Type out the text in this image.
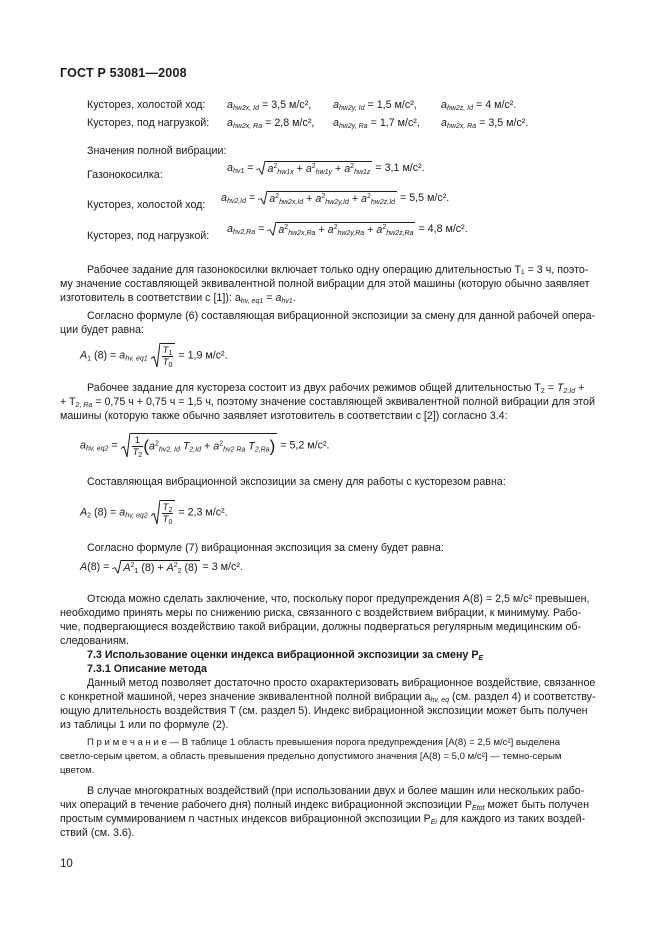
ГОСТ Р 53081—2008
Кусторез, холостой ход: $a_{hw2x, Id} = 3,5$ м/с², $a_{hw2y, Id} = 1,5$ м/с², $a_{hw2z, Id} = 4$ м/с².
Кусторез, под нагрузкой: $a_{hw2x, Ra} = 2,8$ м/с², $a_{hw2y, Ra} = 1,7$ м/с², $a_{hw2x, Ra} = 3,5$ м/с².
Значения полной вибрации:
Газонокосилка:
$a_{hv1}$ =
$a^2_{hw1x} + a^2_{hw1y} + a^2_{hw1z} = 3,1$ м/с².
Кусторез, холостой ход:
$a_{hv2,Id}$ =
$a^2_{hw2x,Id} + a^2_{hw2y,Id} + a^2_{hw2z,Id} = 5,5$ м/с².
Кусторез, под нагрузкой:
$a_{hv2,Ra}$ =
$a^2_{hw2x,Ra} + a^2_{hw2y,Ra} + a^2_{hw2z,Ra} = 4,8$ м/с².
Рабочее задание для газонокосилки включает только одну операцию длительностью T₁ = 3 ч, поэто-
му значение составляющей эквивалентной полной вибрации для этой машины (которую обычно заявляет
изготовитель в соответствии с [1]): $a_{hv, eq1} = a_{hv1}$.
Согласно формуле (6) составляющая вибрационной экспозиции за смену для данной рабочей опера-
ции будет равна:
$A_1$ $(8) = a_{hv, eq1} \frac{T_1}{T_0} = 1,9$ м/с².
Рабочее задание для кустореза состоит из двух рабочих режимов общей длительностью $T_2 = T_{2,Id}$ +
+ $T_{2, Ra} = 0,75$ ч + 0,75 ч = 1,5 ч, поэтому значение составляющей эквивалентной полной вибрации для этой
машины (которую также обычно заявляет изготовитель в соответствии с [2]) согласно 3.4:
$a_{hv, eq2} = \frac{1}{T_2} (a^2_{hv2, Id}$ $T_{2,Id} + a^2_{hv2 Ra}$ $T_{2,Ra}) = 5,2$ м/с².
Составляющая вибрационной экспозиции за смену для работы с кусторезом равна:
$A_2$ $(8) = a_{hv, eq2} \frac{T_2}{T_0} = 2,3$ м/с².
Согласно формуле (7) вибрационная экспозиция за смену будет равна:
A(8) =
$A^2_1$ $(8) + A^2_2$ (8) = 3 м/с².
Отсюда можно сделать заключение, что, поскольку порог предупреждения A(8) = 2,5 м/с² превышен,
необходимо принять меры по снижению риска, связанного с воздействием вибрации, к минимуму. Рабо-
чие, подвергающиеся воздействию такой вибрации, должны подвергаться регулярным медицинским об-
следованиям.
7.3 Использование оценки индекса вибрационной экспозиции за смену $P_E$
7.3.1 Описание метода
Данный метод позволяет достаточно просто охарактеризовать вибрационное воздействие, связанное
с конкретной машиной, через значение эквивалентной полной вибрации $a_{hv, eq}$ (см. раздел 4) и соответству-
ющую длительность воздействия T (см. раздел 5). Индекс вибрационной экспозиции может быть получен
из таблицы 1 или по формуле (2).
П р и м е ч а н и е — В таблице 1 область превышения порога предупреждения [A(8) = 2,5 м/с²] выделена
светло-серым цветом, а область превышения предельно допустимого значения [A(8) = 5,0 м/с²] — темно-серым
цветом.
В случае многократных воздействий (при использовании двух и более машин или нескольких рабо-
чих операций в течение рабочего дня) полный индекс вибрационной экспозиции $P_{Etot}$ может быть получен
простым суммированием n частных индексов вибрационной экспозиции $P_{Ei}$ для каждого из таких воздей-
ствий (см. 3.6).
10
